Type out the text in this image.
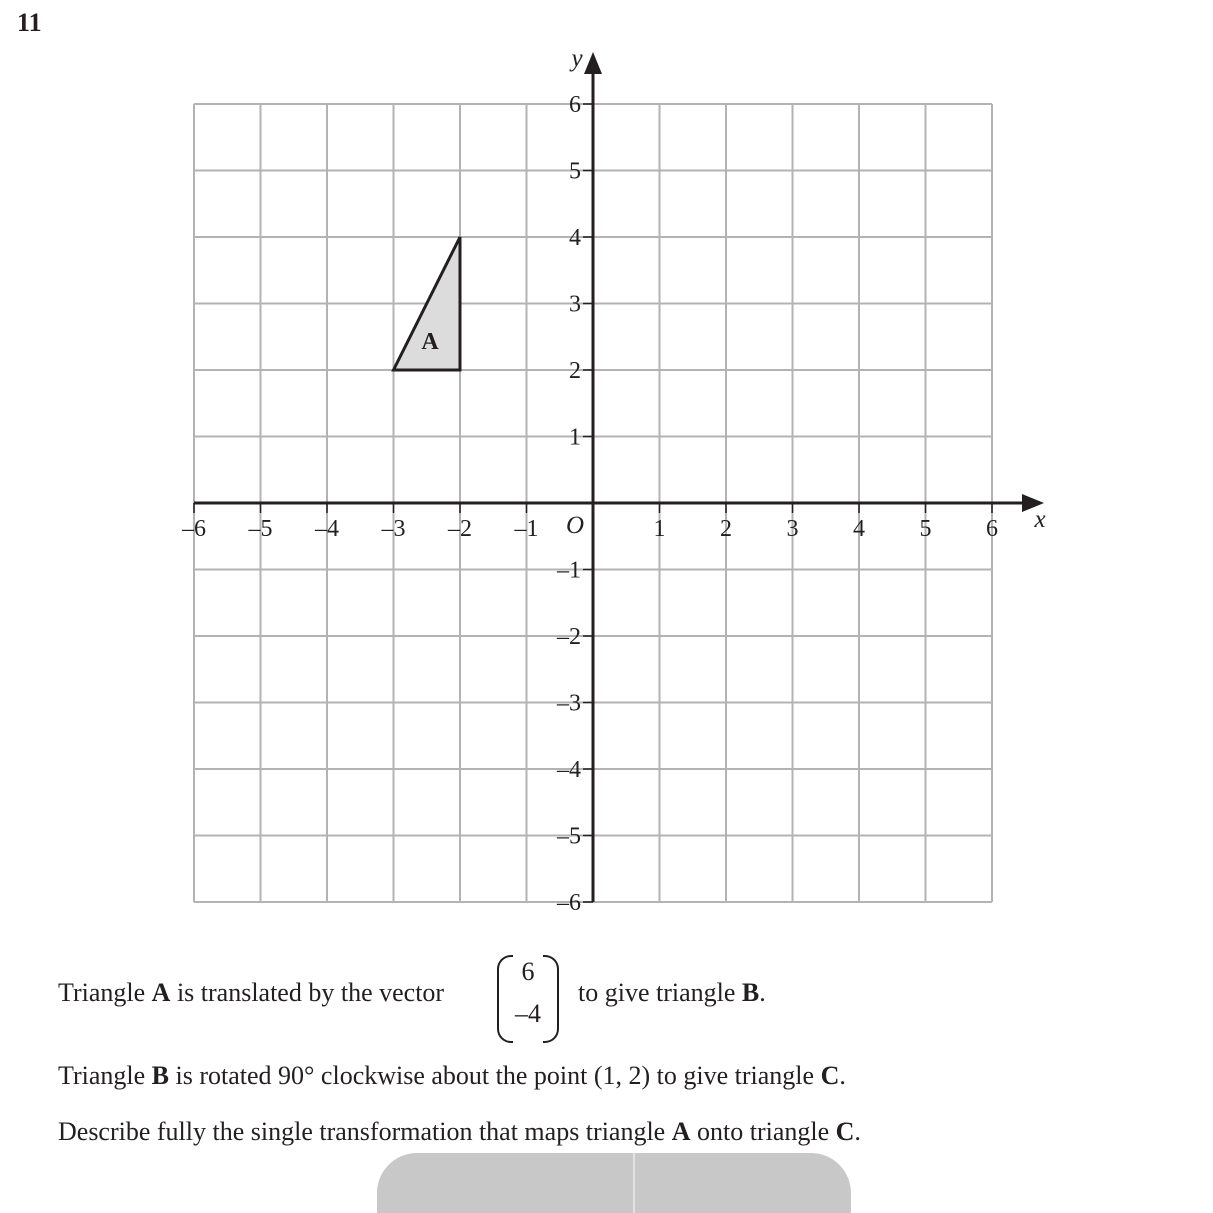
11
–6 –5 –4 –3 –2 –1	1 2 3 4 5 6
6
5
4
3
2
1
–1
–2
–3
–4
–5
–6
O	x
y
A
Triangle A is translated by the vector
6
–4
to give triangle B.
Triangle B is rotated 90° clockwise about the point (1, 2) to give triangle C.
Describe fully the single transformation that maps triangle A onto triangle C.
